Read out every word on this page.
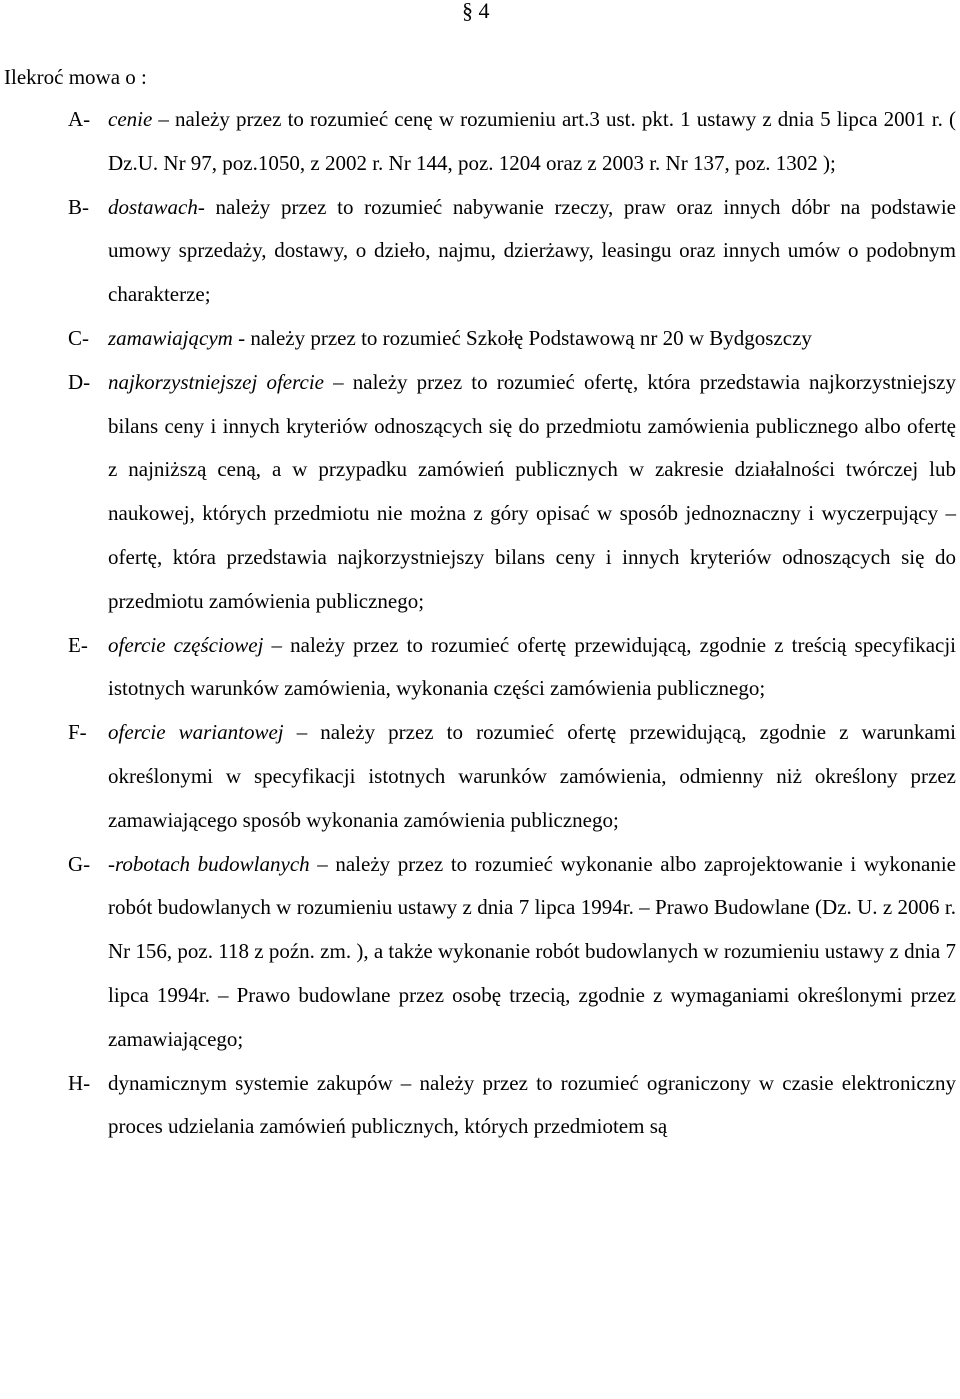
§ 4
Ilekroć mowa o :
A- cenie – należy przez to rozumieć cenę w rozumieniu art.3 ust. pkt. 1 ustawy z dnia 5 lipca 2001 r. ( Dz.U. Nr 97, poz.1050, z 2002 r. Nr 144, poz. 1204 oraz z 2003 r. Nr 137, poz. 1302 );
B- dostawach- należy przez to rozumieć nabywanie rzeczy, praw oraz innych dóbr na podstawie umowy sprzedaży, dostawy, o dzieło, najmu, dzierżawy, leasingu oraz innych umów o podobnym charakterze;
C- zamawiającym - należy przez to rozumieć Szkołę Podstawową nr 20 w Bydgoszczy
D- najkorzystniejszej ofercie – należy przez to rozumieć ofertę, która przedstawia najkorzystniejszy bilans ceny i innych kryteriów odnoszących się do przedmiotu zamówienia publicznego albo ofertę z najniższą ceną, a w przypadku zamówień publicznych w zakresie działalności twórczej lub naukowej, których przedmiotu nie można z góry opisać w sposób jednoznaczny i wyczerpujący – ofertę, która przedstawia najkorzystniejszy bilans ceny i innych kryteriów odnoszących się do przedmiotu zamówienia publicznego;
E- ofercie częściowej – należy przez to rozumieć ofertę przewidującą, zgodnie z treścią specyfikacji istotnych warunków zamówienia, wykonania części zamówienia publicznego;
F- ofercie wariantowej – należy przez to rozumieć ofertę przewidującą, zgodnie z warunkami określonymi w specyfikacji istotnych warunków zamówienia, odmienny niż określony przez zamawiającego sposób wykonania zamówienia publicznego;
G- -robotach budowlanych – należy przez to rozumieć wykonanie albo zaprojektowanie i wykonanie robót budowlanych w rozumieniu ustawy z dnia 7 lipca 1994r. – Prawo Budowlane (Dz. U. z 2006 r. Nr 156, poz. 118 z poźn. zm. ), a także wykonanie robót budowlanych w rozumieniu ustawy z dnia 7 lipca 1994r. – Prawo budowlane przez osobę trzecią, zgodnie z wymaganiami określonymi przez zamawiającego;
H- dynamicznym systemie zakupów – należy przez to rozumieć ograniczony w czasie elektroniczny proces udzielania zamówień publicznych, których przedmiotem są
